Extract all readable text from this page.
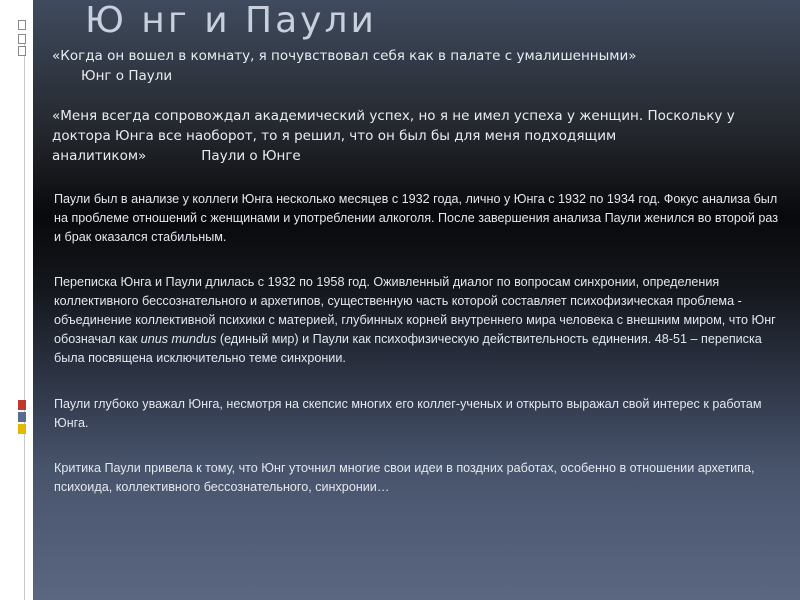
Ю нг и Паули

«Когда он вошел в комнату, я почувствовал себя как в палате с умалишенными»

Юнг о Паули

«Меня всегда сопровождал академический успех, но я не имел успеха у женщин. Поскольку у доктора Юнга все наоборот, то я решил, что он был бы для меня подходящим аналитиком»	Паули о Юнге

Паули был в анализе у коллеги Юнга несколько месяцев с 1932 года, лично у Юнга с 1932 по 1934 год. Фокус анализа был на проблеме отношений с женщинами и употреблении алкоголя. После завершения анализа Паули женился во второй раз и брак оказался стабильным.

Переписка Юнга и Паули длилась с 1932 по 1958 год. Оживленный диалог по вопросам синхронии, определения коллективного бессознательного и архетипов, существенную часть которой составляет психофизическая проблема - объединение коллективной психики с материей, глубинных корней внутреннего мира человека с внешним миром, что Юнг обозначал как unus mundus (единый мир) и Паули как психофизическую действительность единения. 48-51 – переписка была посвящена исключительно теме синхронии.

Паули глубоко уважал Юнга, несмотря на скепсис многих его коллег-ученых и открыто выражал свой интерес к работам Юнга.

Критика Паули привела к тому, что Юнг уточнил многие свои идеи в поздних работах, особенно в отношении архетипа, психоида, коллективного бессознательного, синхронии…
